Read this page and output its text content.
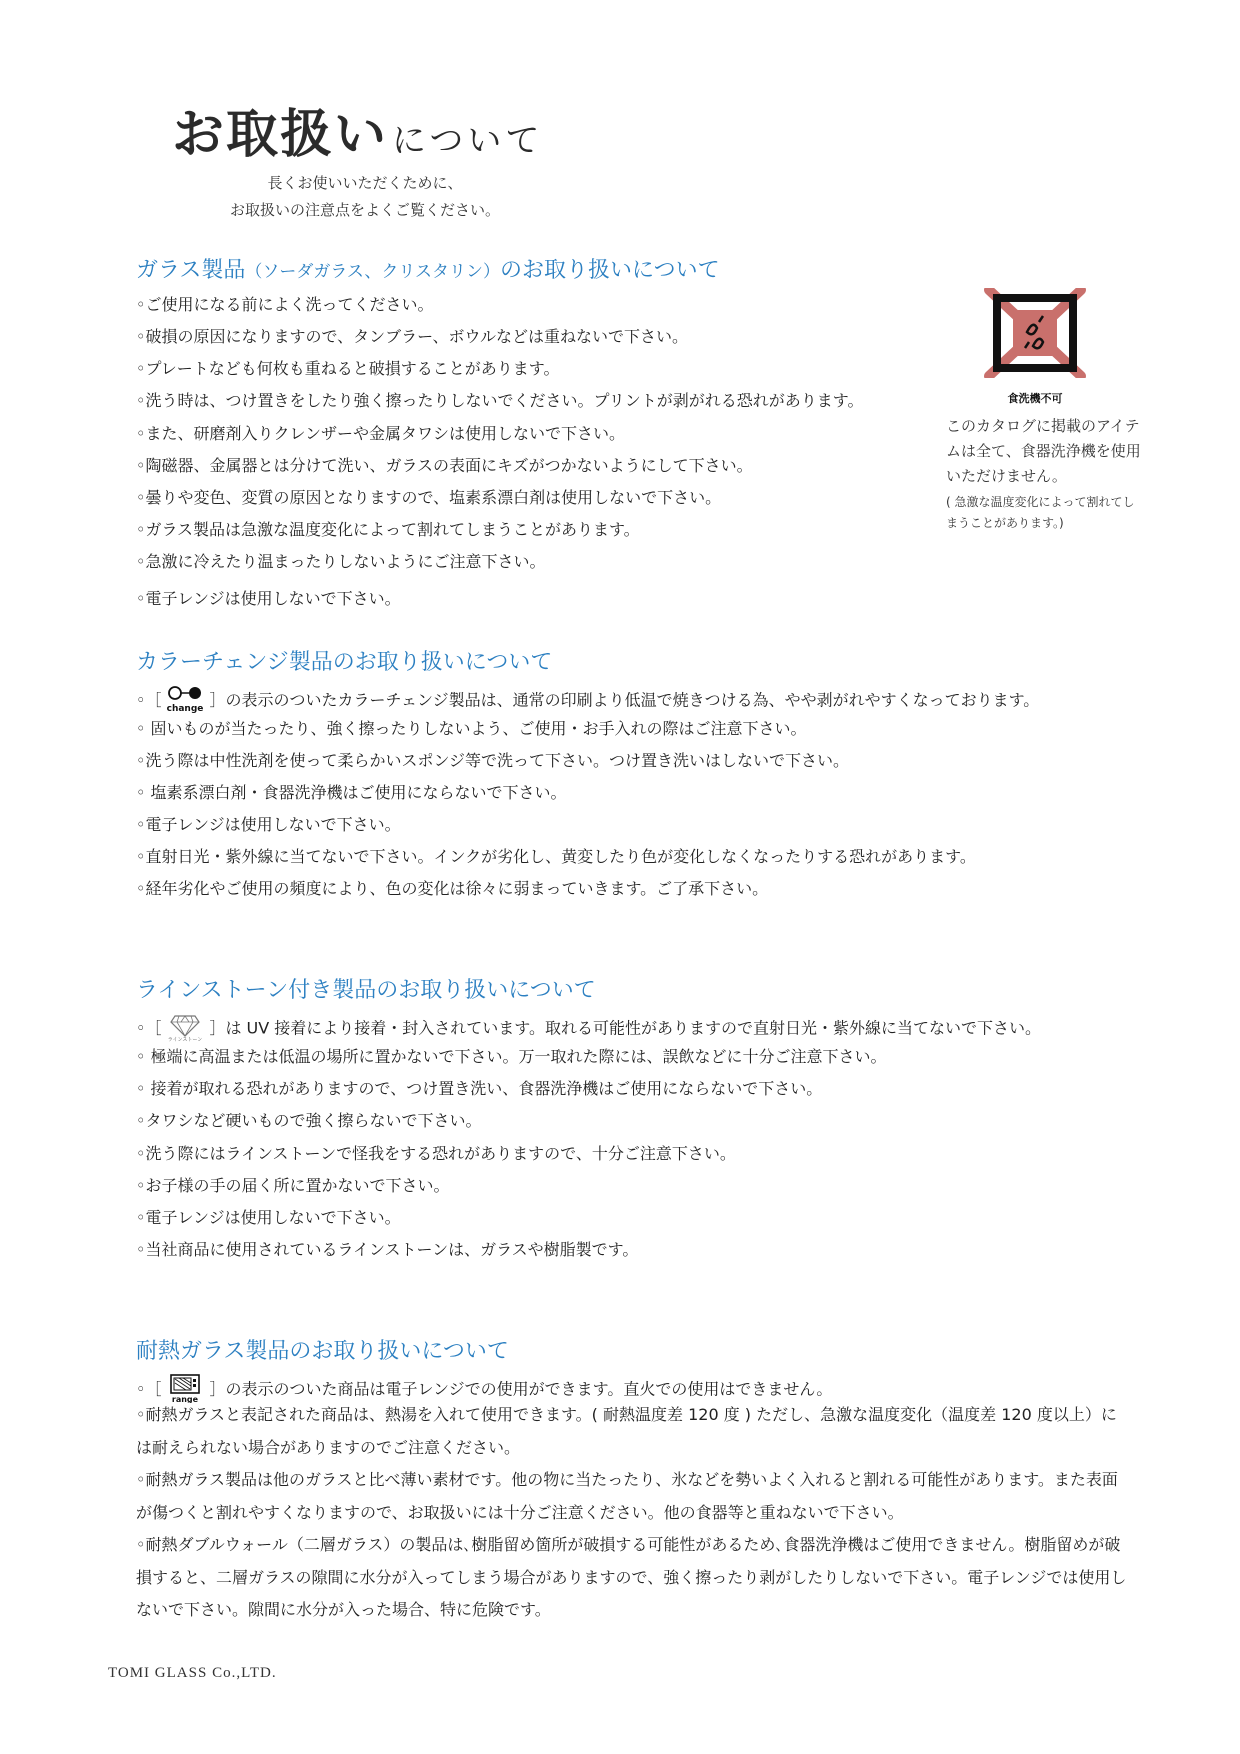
お取扱い について
長くお使いいただくために、
お取扱いの注意点をよくご覧ください。
ガラス製品（ソーダガラス、クリスタリン）のお取り扱いについて
◦ご使用になる前によく洗ってください。
◦破損の原因になりますので、タンブラー、ボウルなどは重ねないで下さい。
◦プレートなども何枚も重ねると破損することがあります。
◦洗う時は、つけ置きをしたり強く擦ったりしないでください。プリントが剥がれる恐れがあります。
◦また、研磨剤入りクレンザーや金属タワシは使用しないで下さい。
◦陶磁器、金属器とは分けて洗い、ガラスの表面にキズがつかないようにして下さい。
◦曇りや変色、変質の原因となりますので、塩素系漂白剤は使用しないで下さい。
◦ガラス製品は急激な温度変化によって割れてしまうことがあります。
◦急激に冷えたり温まったりしないようにご注意下さい。
◦電子レンジは使用しないで下さい。
食洗機不可
このカタログに掲載のアイテムは全て、食器洗浄機を使用いただけません。
( 急激な温度変化によって割れてしまうことがあります。)
カラーチェンジ製品のお取り扱いについて
◦［ change ］の表示のついたカラーチェンジ製品は、通常の印刷より低温で焼きつける為、やや剥がれやすくなっております。
◦ 固いものが当たったり、強く擦ったりしないよう、ご使用・お手入れの際はご注意下さい。
◦洗う際は中性洗剤を使って柔らかいスポンジ等で洗って下さい。つけ置き洗いはしないで下さい。
◦ 塩素系漂白剤・食器洗浄機はご使用にならないで下さい。
◦電子レンジは使用しないで下さい。
◦直射日光・紫外線に当てないで下さい。インクが劣化し、黄変したり色が変化しなくなったりする恐れがあります。
◦経年劣化やご使用の頻度により、色の変化は徐々に弱まっていきます。ご了承下さい。
ラインストーン付き製品のお取り扱いについて
◦［
ラインストーン
］は UV 接着により接着・封入されています。取れる可能性がありますので直射日光・紫外線に当てないで下さい。
◦ 極端に高温または低温の場所に置かないで下さい。万一取れた際には、誤飲などに十分ご注意下さい。
◦ 接着が取れる恐れがありますので、つけ置き洗い、食器洗浄機はご使用にならないで下さい。
◦タワシなど硬いもので強く擦らないで下さい。
◦洗う際にはラインストーンで怪我をする恐れがありますので、十分ご注意下さい。
◦お子様の手の届く所に置かないで下さい。
◦電子レンジは使用しないで下さい。
◦当社商品に使用されているラインストーンは、ガラスや樹脂製です。
耐熱ガラス製品のお取り扱いについて
◦［
range
］の表示のついた商品は電子レンジでの使用ができます。直火での使用はできません。
◦耐熱ガラスと表記された商品は、熱湯を入れて使用できます。( 耐熱温度差 120 度 ) ただし、急激な温度変化（温度差 120 度以上）には耐えられない場合がありますのでご注意ください。
◦耐熱ガラス製品は他のガラスと比べ薄い素材です。他の物に当たったり、氷などを勢いよく入れると割れる可能性があります。また表面が傷つくと割れやすくなりますので、お取扱いには十分ご注意ください。他の食器等と重ねないで下さい。
◦耐熱ダブルウォール（二層ガラス）の製品は､樹脂留め箇所が破損する可能性があるため､食器洗浄機はご使用できません。樹脂留めが破損すると、二層ガラスの隙間に水分が入ってしまう場合がありますので、強く擦ったり剥がしたりしないで下さい。電子レンジでは使用しないで下さい。隙間に水分が入った場合、特に危険です。
TOMI GLASS Co.,LTD.
